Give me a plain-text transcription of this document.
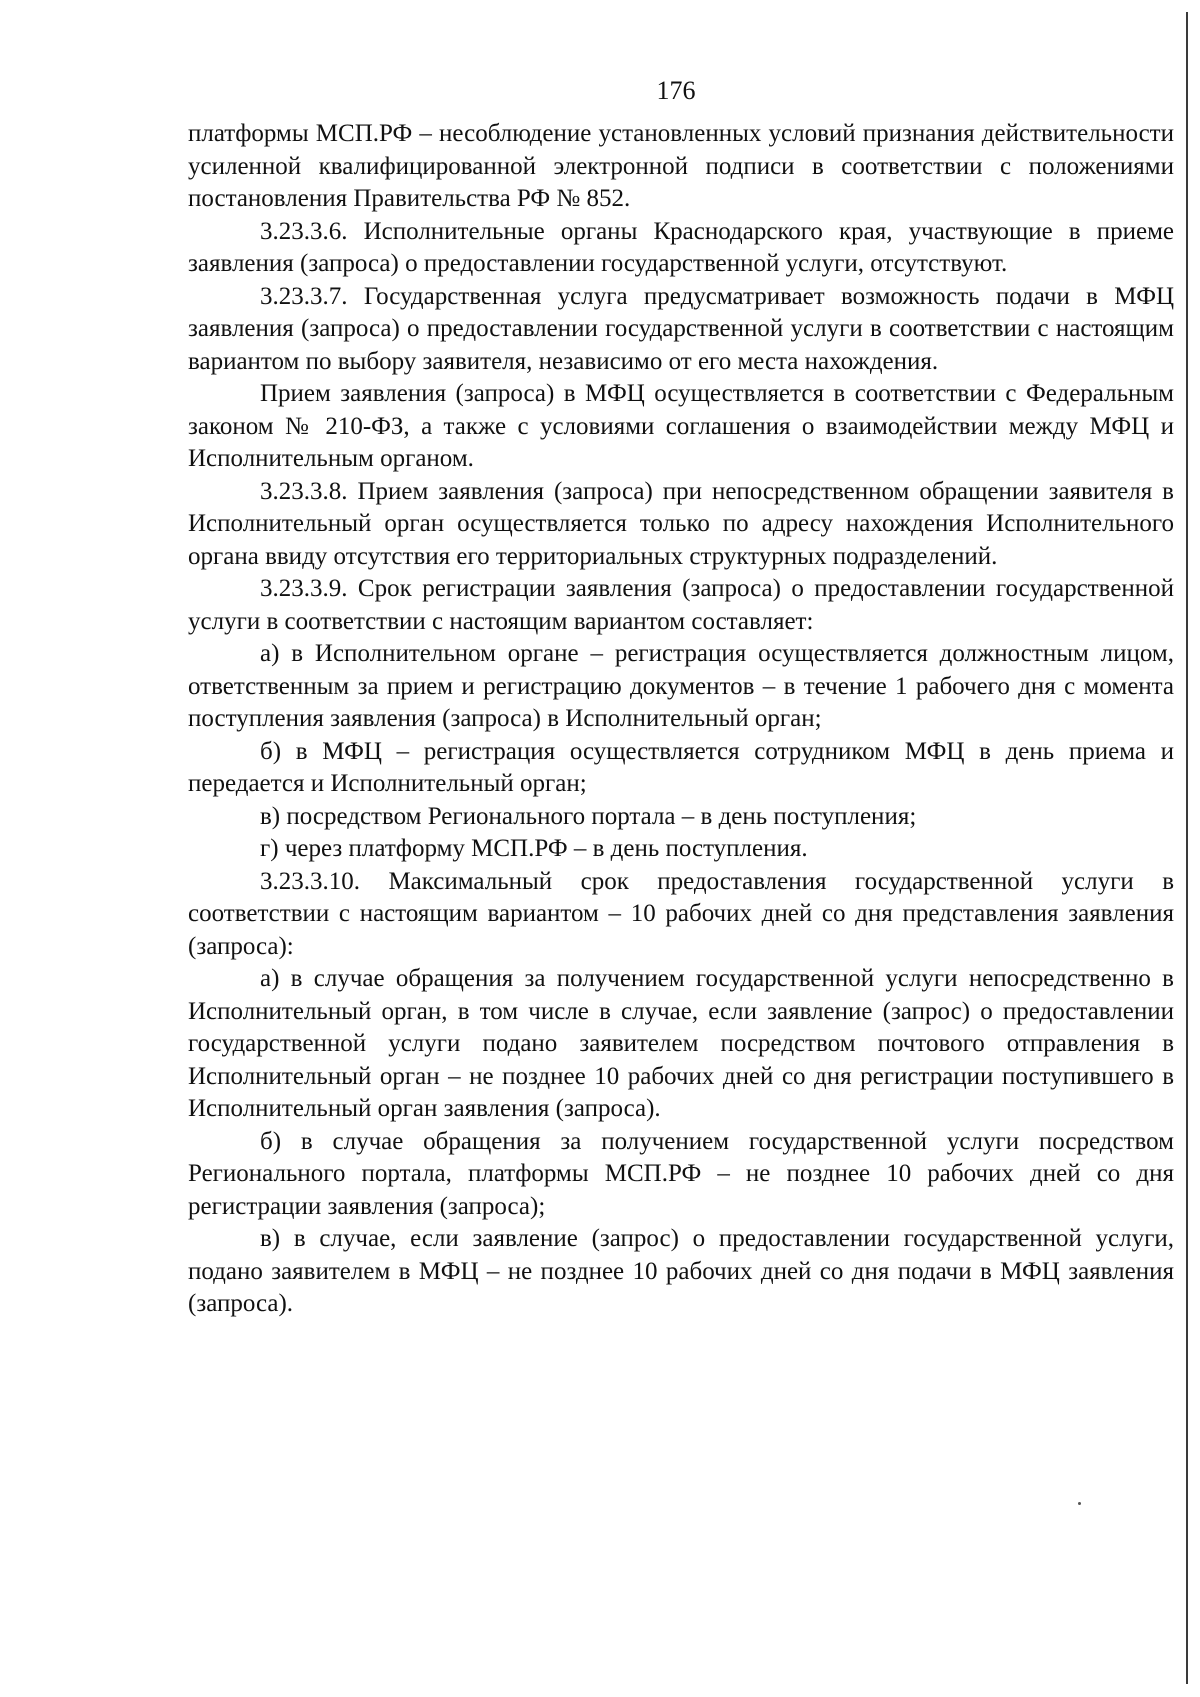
176

платформы МСП.РФ – несоблюдение установленных условий признания действительности усиленной квалифицированной электронной подписи в соответствии с положениями постановления Правительства РФ № 852.

3.23.3.6. Исполнительные органы Краснодарского края, участвующие в приеме заявления (запроса) о предоставлении государственной услуги, отсутствуют.

3.23.3.7. Государственная услуга предусматривает возможность подачи в МФЦ заявления (запроса) о предоставлении государственной услуги в соответствии с настоящим вариантом по выбору заявителя, независимо от его места нахождения.

Прием заявления (запроса) в МФЦ осуществляется в соответствии с Федеральным законом № 210-ФЗ, а также с условиями соглашения о взаимодействии между МФЦ и Исполнительным органом.

3.23.3.8. Прием заявления (запроса) при непосредственном обращении заявителя в Исполнительный орган осуществляется только по адресу нахождения Исполнительного органа ввиду отсутствия его территориальных структурных подразделений.

3.23.3.9. Срок регистрации заявления (запроса) о предоставлении государственной услуги в соответствии с настоящим вариантом составляет:

а) в Исполнительном органе – регистрация осуществляется должностным лицом, ответственным за прием и регистрацию документов – в течение 1 рабочего дня с момента поступления заявления (запроса) в Исполнительный орган;

б) в МФЦ – регистрация осуществляется сотрудником МФЦ в день приема и передается и Исполнительный орган;

в) посредством Регионального портала – в день поступления;

г) через платформу МСП.РФ – в день поступления.

3.23.3.10. Максимальный срок предоставления государственной услуги в соответствии с настоящим вариантом – 10 рабочих дней со дня представления заявления (запроса):

а) в случае обращения за получением государственной услуги непосредственно в Исполнительный орган, в том числе в случае, если заявление (запрос) о предоставлении государственной услуги подано заявителем посредством почтового отправления в Исполнительный орган – не позднее 10 рабочих дней со дня регистрации поступившего в Исполнительный орган заявления (запроса).

б) в случае обращения за получением государственной услуги посредством Регионального портала, платформы МСП.РФ – не позднее 10 рабочих дней со дня регистрации заявления (запроса);

в) в случае, если заявление (запрос) о предоставлении государственной услуги, подано заявителем в МФЦ – не позднее 10 рабочих дней со дня подачи в МФЦ заявления (запроса).
